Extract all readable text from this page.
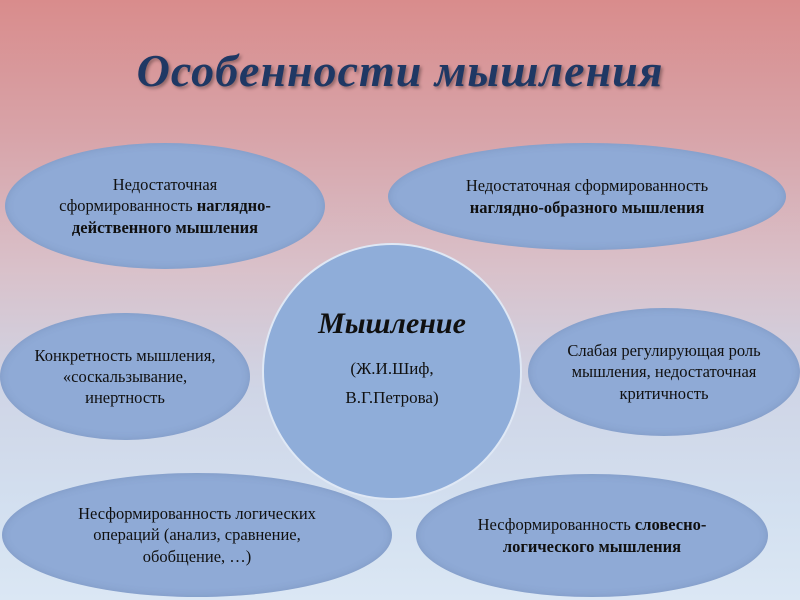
Особенности мышления
Недостаточная
сформированность наглядно-
действенного мышления
Недостаточная сформированность
наглядно-образного мышления
Конкретность мышления,
«соскальзывание,
инертность
Слабая регулирующая роль
мышления, недостаточная
критичность
Несформированность логических
операций (анализ, сравнение,
обобщение, …)
Несформированность словесно-
логического мышления
Мышление
(Ж.И.Шиф,
В.Г.Петрова)
